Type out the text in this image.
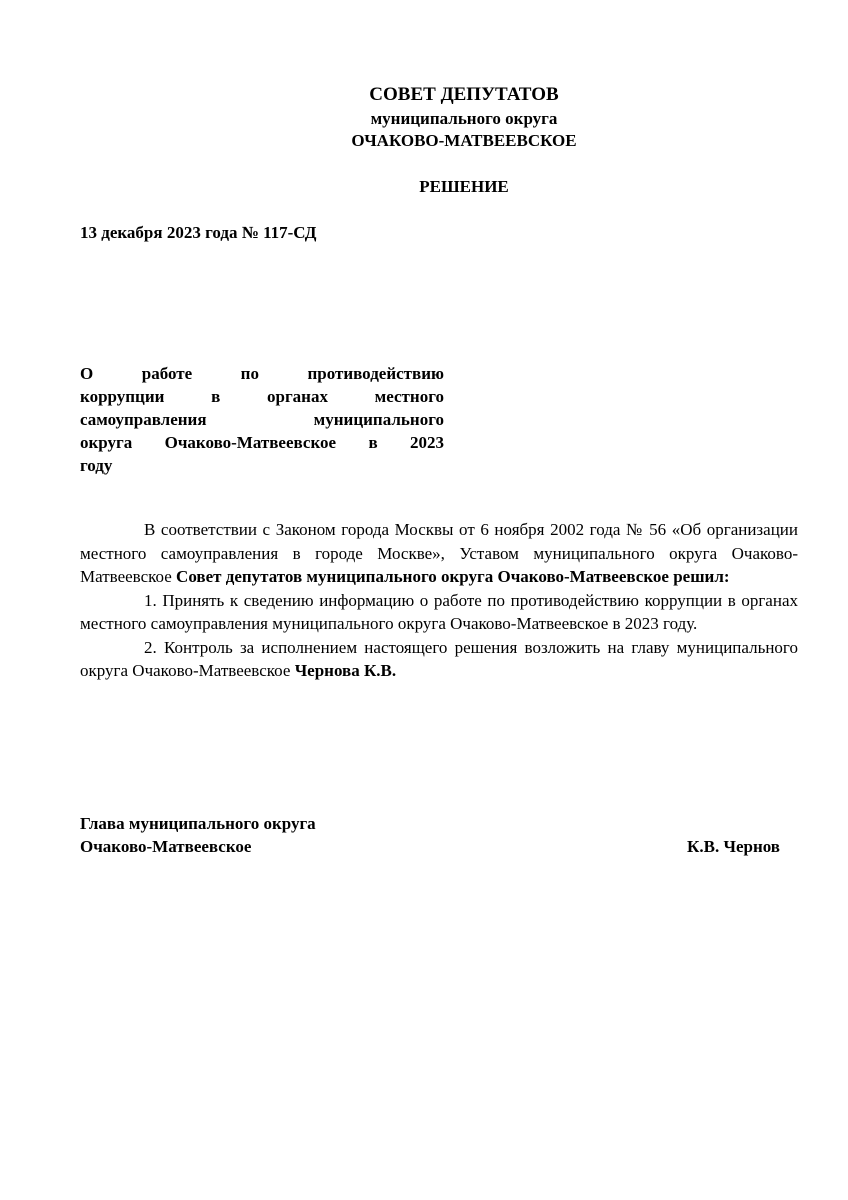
СОВЕТ ДЕПУТАТОВ
муниципального округа
ОЧАКОВО-МАТВЕЕВСКОЕ
РЕШЕНИЕ
13 декабря 2023 года № 117-СД
О работе по противодействию
коррупции в органах местного
самоуправления муниципального
округа Очаково-Матвеевское в 2023
году

В соответствии с Законом города Москвы от 6 ноября 2002 года № 56 «Об организации местного самоуправления в городе Москве», Уставом муниципального округа Очаково-Матвеевское Совет депутатов муниципального округа Очаково-Матвеевское решил:

1. Принять к сведению информацию о работе по противодействию коррупции в органах местного самоуправления муниципального округа Очаково-Матвеевское в 2023 году.

2. Контроль за исполнением настоящего решения возложить на главу муниципального округа Очаково-Матвеевское Чернова К.В.

Глава муниципального округа
Очаково-Матвеевское	К.В. Чернов
